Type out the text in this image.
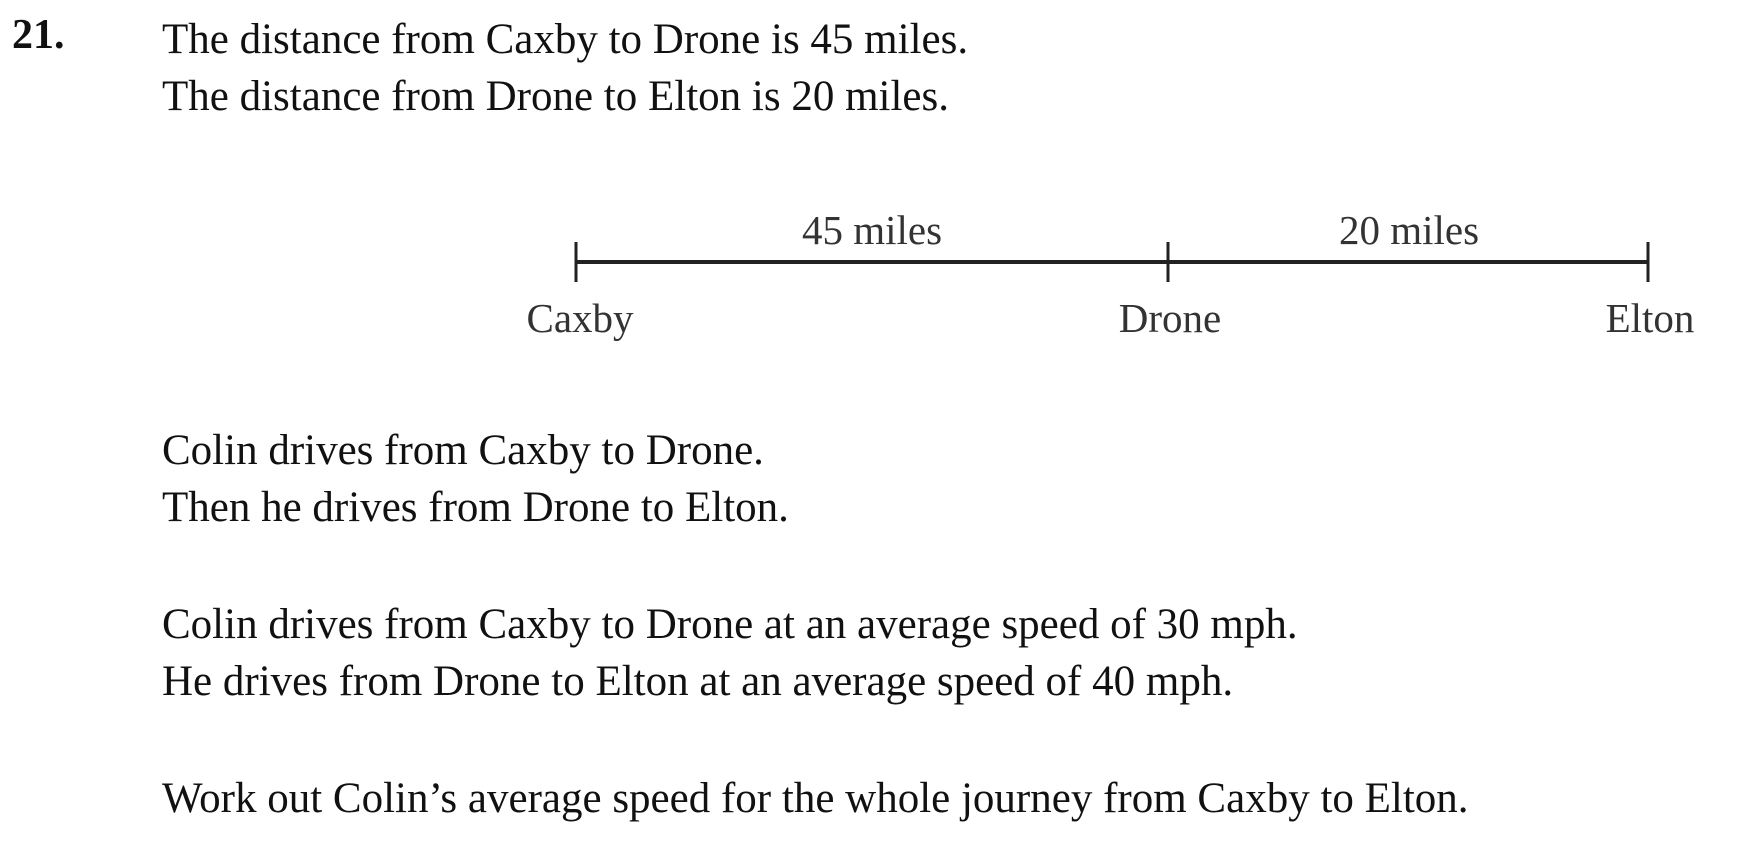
21. The distance from Caxby to Drone is 45 miles.
The distance from Drone to Elton is 20 miles.
45 miles	20 miles
Caxby	Drone	Elton
Colin drives from Caxby to Drone.
Then he drives from Drone to Elton.
Colin drives from Caxby to Drone at an average speed of 30 mph.
He drives from Drone to Elton at an average speed of 40 mph.
Work out Colin’s average speed for the whole journey from Caxby to Elton.
